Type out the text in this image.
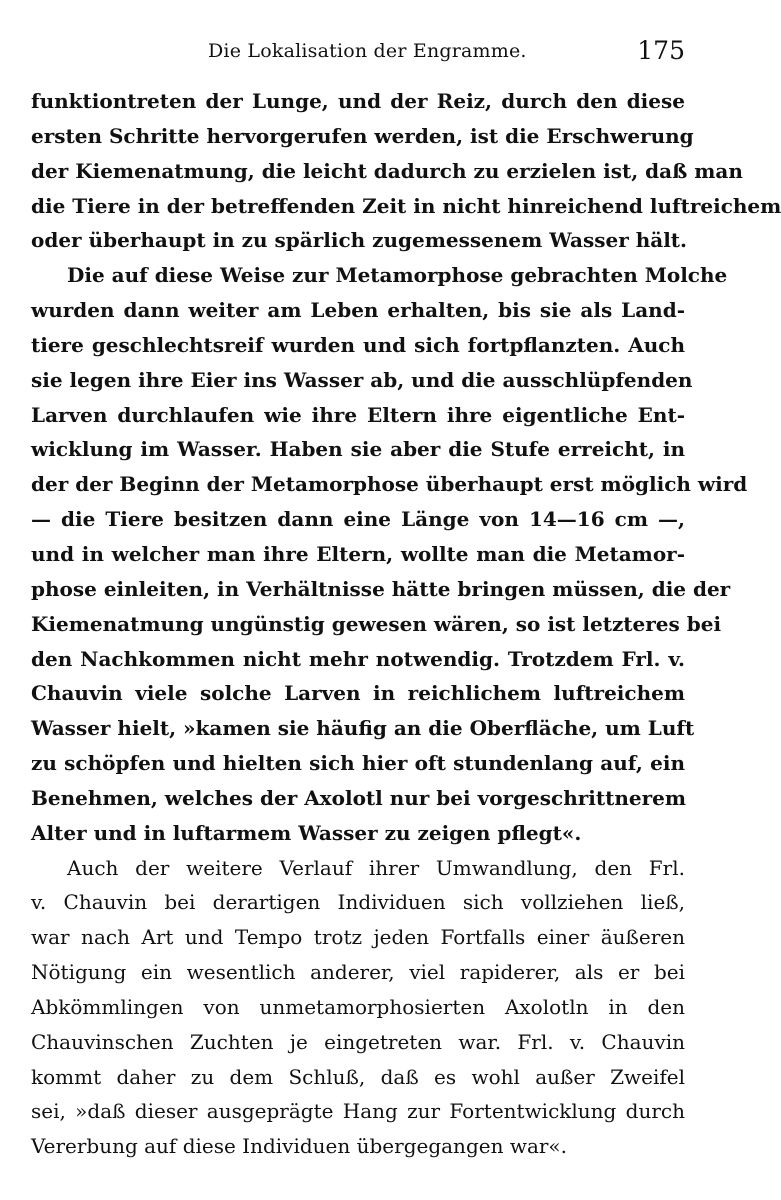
Die Lokalisation der Engramme.	175
funktiontreten der Lunge, und der Reiz, durch den diese
ersten Schritte hervorgerufen werden, ist die Erschwerung
der Kiemenatmung, die leicht dadurch zu erzielen ist, daß man
die Tiere in der betreffenden Zeit in nicht hinreichend luftreichem
oder überhaupt in zu spärlich zugemessenem Wasser hält.
Die auf diese Weise zur Metamorphose gebrachten Molche
wurden dann weiter am Leben erhalten, bis sie als Land-
tiere geschlechtsreif wurden und sich fortpflanzten. Auch
sie legen ihre Eier ins Wasser ab, und die ausschlüpfenden
Larven durchlaufen wie ihre Eltern ihre eigentliche Ent-
wicklung im Wasser. Haben sie aber die Stufe erreicht, in
der der Beginn der Metamorphose überhaupt erst möglich wird
— die Tiere besitzen dann eine Länge von 14—16 cm —,
und in welcher man ihre Eltern, wollte man die Metamor-
phose einleiten, in Verhältnisse hätte bringen müssen, die der
Kiemenatmung ungünstig gewesen wären, so ist letzteres bei
den Nachkommen nicht mehr notwendig. Trotzdem Frl. v.
Chauvin viele solche Larven in reichlichem luftreichem
Wasser hielt, »kamen sie häufig an die Oberfläche, um Luft
zu schöpfen und hielten sich hier oft stundenlang auf, ein
Benehmen, welches der Axolotl nur bei vorgeschrittnerem
Alter und in luftarmem Wasser zu zeigen pflegt«.
Auch der weitere Verlauf ihrer Umwandlung, den Frl.
v. Chauvin bei derartigen Individuen sich vollziehen ließ,
war nach Art und Tempo trotz jeden Fortfalls einer äußeren
Nötigung ein wesentlich anderer, viel rapiderer, als er bei
Abkömmlingen von unmetamorphosierten Axolotln in den
Chauvinschen Zuchten je eingetreten war. Frl. v. Chauvin
kommt daher zu dem Schluß, daß es wohl außer Zweifel
sei, »daß dieser ausgeprägte Hang zur Fortentwicklung durch
Vererbung auf diese Individuen übergegangen war«.
